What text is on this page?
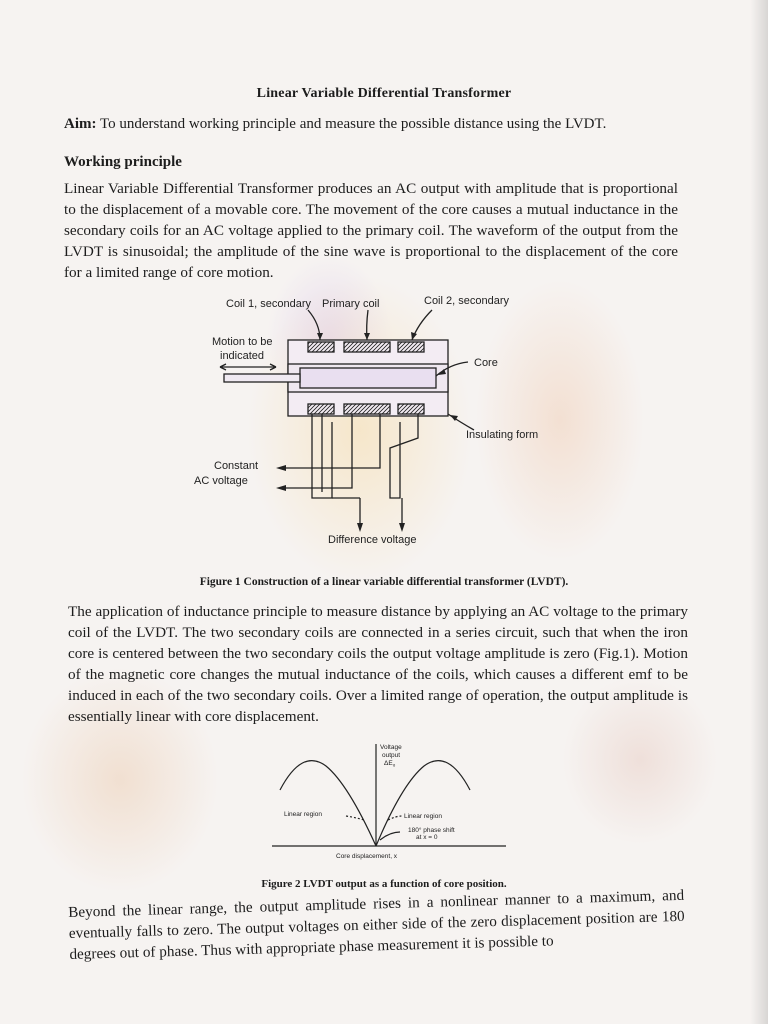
Linear Variable Differential Transformer
Aim: To understand working principle and measure the possible distance using the LVDT.
Working principle
Linear Variable Differential Transformer produces an AC output with amplitude that is proportional to the displacement of a movable core. The movement of the core causes a mutual inductance in the secondary coils for an AC voltage applied to the primary coil. The waveform of the output from the LVDT is sinusoidal; the amplitude of the sine wave is proportional to the displacement of the core for a limited range of core motion.
Coil 1, secondary Primary coil	Coil 2, secondary
Motion to be
indicated
Core
Insulating form
Constant
AC voltage
Difference voltage
Figure 1 Construction of a linear variable differential transformer (LVDT).
The application of inductance principle to measure distance by applying an AC voltage to the primary coil of the LVDT. The two secondary coils are connected in a series circuit, such that when the iron core is centered between the two secondary coils the output voltage amplitude is zero (Fig.1). Motion of the magnetic core changes the mutual inductance of the coils, which causes a different emf to be induced in each of the two secondary coils. Over a limited range of operation, the output amplitude is essentially linear with core displacement.
Voltage
output
$\Delta E_o$
Linear region	Linear region
180° phase shift
at x = 0
Core displacement, x
Figure 2 LVDT output as a function of core position.
Beyond the linear range, the output amplitude rises in a nonlinear manner to a maximum, and eventually falls to zero. The output voltages on either side of the zero displacement position are 180 degrees out of phase. Thus with appropriate phase measurement it is possible to
